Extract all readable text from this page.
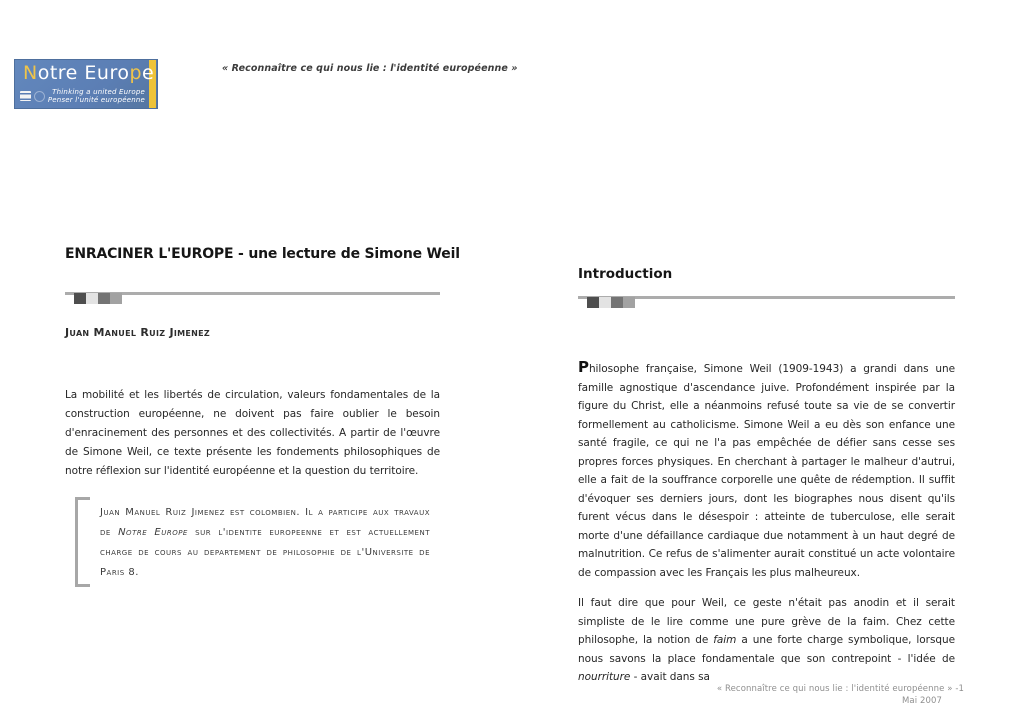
Notre Europe
Thinking a united Europe
Penser l'unité européenne
« Reconnaître ce qui nous lie : l'identité européenne »
ENRACINER L'EUROPE - une lecture de Simone Weil
Juan Manuel Ruiz Jimenez
La mobilité et les libertés de circulation, valeurs fondamentales de la construction européenne, ne doivent pas faire oublier le besoin d'enracinement des personnes et des collectivités. A partir de l'œuvre de Simone Weil, ce texte présente les fondements philosophiques de notre réflexion sur l'identité européenne et la question du territoire.
Juan Manuel Ruiz Jimenez est colombien. Il a participe aux travaux de Notre Europe sur l'identite europeenne et est actuellement charge de cours au departement de philosophie de l'Universite de Paris 8.
Introduction

Philosophe française, Simone Weil (1909-1943) a grandi dans une famille agnostique d'ascendance juive. Profondément inspirée par la figure du Christ, elle a néanmoins refusé toute sa vie de se convertir formellement au catholicisme. Simone Weil a eu dès son enfance une santé fragile, ce qui ne l'a pas empêchée de défier sans cesse ses propres forces physiques. En cherchant à partager le malheur d'autrui, elle a fait de la souffrance corporelle une quête de rédemption. Il suffit d'évoquer ses derniers jours, dont les biographes nous disent qu'ils furent vécus dans le désespoir : atteinte de tuberculose, elle serait morte d'une défaillance cardiaque due notamment à un haut degré de malnutrition. Ce refus de s'alimenter aurait constitué un acte volontaire de compassion avec les Français les plus malheureux.

Il faut dire que pour Weil, ce geste n'était pas anodin et il serait simpliste de le lire comme une pure grève de la faim. Chez cette philosophe, la notion de faim a une forte charge symbolique, lorsque nous savons la place fondamentale que son contrepoint - l'idée de nourriture - avait dans sa

« Reconnaître ce qui nous lie : l'identité européenne » -1
Mai 2007
